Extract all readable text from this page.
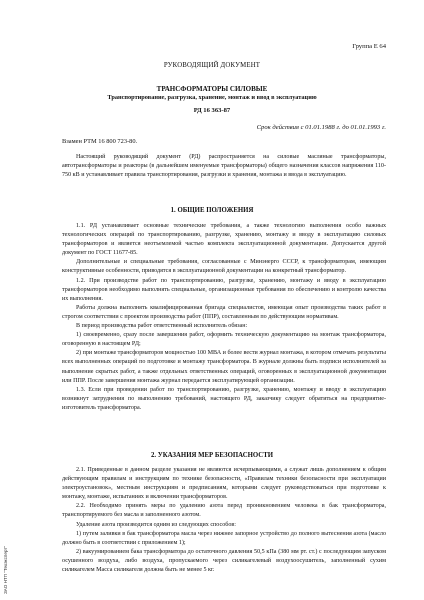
Группа Е 64
РУКОВОДЯЩИЙ ДОКУМЕНТ
ТРАНСФОРМАТОРЫ СИЛОВЫЕ
Транспортирование, разгрузка, хранение, монтаж и ввод в эксплуатацию
РД 16 363-87
Срок действия с 01.01.1988 г. до 01.01.1993 г.
Взамен РТМ 16 800 723-80.

Настоящий руководящий документ (РД) распространяется на силовые масляные трансформаторы, автотрансформаторы и реакторы (в дальнейшем именуемые трансформаторы) общего назначения классов напряжения 110-750 кВ и устанавливает правила транспортирования, разгрузки и хранения, монтажа и ввода в эксплуатацию.

1. ОБЩИЕ ПОЛОЖЕНИЯ

1.1. РД устанавливает основные технические требования, а также технологию выполнения особо важных технологических операций по транспортированию, разгрузке, хранению, монтажу и вводу в эксплуатацию силовых трансформаторов и является неотъемлемой частью комплекта эксплуатационной документации. Допускается другой документ по ГОСТ 11677-85.

Дополнительные и специальные требования, согласованные с Минэнерго СССР, к трансформаторам, имеющим конструктивные особенности, приводятся в эксплуатационной документации на конкретный трансформатор.

1.2. При производстве работ по транспортированию, разгрузке, хранению, монтажу и вводу в эксплуатацию трансформаторов необходимо выполнять специальные, организационные требования по обеспечению и контролю качества их выполнения.

Работы должна выполнять квалифицированная бригада специалистов, имеющая опыт производства таких работ в строгом соответствии с проектом производства работ (ППР), составленным по действующим нормативам.

В период производства работ ответственный исполнитель обязан:

1) своевременно, сразу после завершения работ, оформить техническую документацию на монтаж трансформатора, оговоренную в настоящем РД;

2) при монтаже трансформаторов мощностью 100 МВА и более вести журнал монтажа, в котором отмечать результаты всех выполненных операций по подготовке и монтажу трансформатора. В журнале должны быть подписи исполнителей за выполнение скрытых работ, а также отдельных ответственных операций, оговоренных в эксплуатационной документации или ППР. После завершения монтажа журнал передается эксплуатирующей организации.

1.3. Если при проведении работ по транспортированию, разгрузке, хранению, монтажу и вводу в эксплуатацию возникнут затруднения по выполнению требований, настоящего РД, заказчику следует обратиться на предприятие-изготовитель трансформатора.

2. УКАЗАНИЯ МЕР БЕЗОПАСНОСТИ

2.1. Приведенные в данном разделе указания не являются исчерпывающими, а служат лишь дополнением к общим действующим правилам и инструкциям по технике безопасности, «Правилам техники безопасности при эксплуатации электроустановок», местным инструкциям и предписаниям, которыми следует руководствоваться при подготовке к монтажу, монтаже, испытаниях и включении трансформаторов.

2.2. Необходимо принять меры по удалению азота перед проникновением человека в бак трансформатора, транспортируемого без масла и заполненного азотом.

Удаление азота производится одним из следующих способов:

1) путем заливки в бак трансформатора масла через нижнее запорное устройство до полного вытеснения азота (масло должно быть в соответствии с приложением 1);

2) вакуумированием бака трансформатора до остаточного давления 50,5 кПа (380 мм рт. ст.) с последующим запуском осушенного воздуха, либо воздуха, пропускаемого через силикагелевый воздухоосушитель, заполненный сухим силикагелем Масса силикагеля должна быть не менее 5 кг.

ЗАО НТП "Техэксперт"
